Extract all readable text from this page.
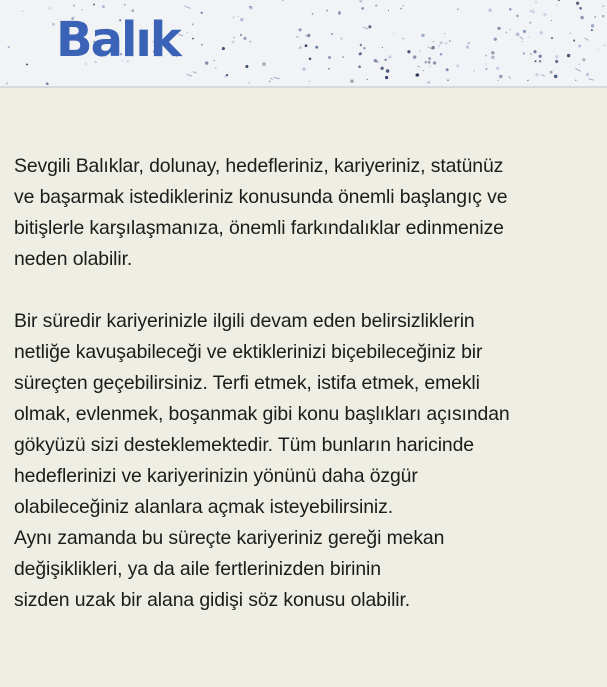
Balık
Sevgili Balıklar, dolunay, hedefleriniz, kariyeriniz, statünüz
ve başarmak istedikleriniz konusunda önemli başlangıç ve
bitişlerle karşılaşmanıza, önemli farkındalıklar edinmenize
neden olabilir.
Bir süredir kariyerinizle ilgili devam eden belirsizliklerin
netliğe kavuşabileceği ve ektiklerinizi biçebileceğiniz bir
süreçten geçebilirsiniz. Terfi etmek, istifa etmek, emekli
olmak, evlenmek, boşanmak gibi konu başlıkları açısından
gökyüzü sizi desteklemektedir. Tüm bunların haricinde
hedeflerinizi ve kariyerinizin yönünü daha özgür
olabileceğiniz alanlara açmak isteyebilirsiniz.
Aynı zamanda bu süreçte kariyeriniz gereği mekan
değişiklikleri, ya da aile fertlerinizden birinin
sizden uzak bir alana gidişi söz konusu olabilir.
